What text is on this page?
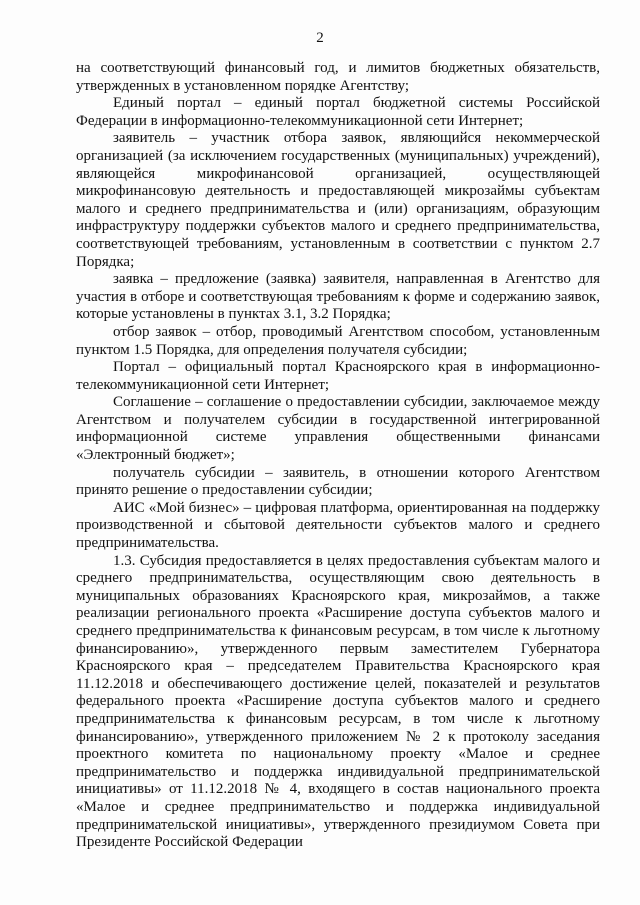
2

на соответствующий финансовый год, и лимитов бюджетных обязательств, утвержденных в установленном порядке Агентству;

Единый портал – единый портал бюджетной системы Российской Федерации в информационно-телекоммуникационной сети Интернет;

заявитель – участник отбора заявок, являющийся некоммерческой организацией (за исключением государственных (муниципальных) учреждений), являющейся микрофинансовой организацией, осуществляющей микрофинансовую деятельность и предоставляющей микрозаймы субъектам малого и среднего предпринимательства и (или) организациям, образующим инфраструктуру поддержки субъектов малого и среднего предпринимательства, соответствующей требованиям, установленным в соответствии с пунктом 2.7 Порядка;

заявка – предложение (заявка) заявителя, направленная в Агентство для участия в отборе и соответствующая требованиям к форме и содержанию заявок, которые установлены в пунктах 3.1, 3.2 Порядка;

отбор заявок – отбор, проводимый Агентством способом, установленным пунктом 1.5 Порядка, для определения получателя субсидии;

Портал – официальный портал Красноярского края в информационно-телекоммуникационной сети Интернет;

Соглашение – соглашение о предоставлении субсидии, заключаемое между Агентством и получателем субсидии в государственной интегрированной информационной системе управления общественными финансами «Электронный бюджет»;

получатель субсидии – заявитель, в отношении которого Агентством принято решение о предоставлении субсидии;

АИС «Мой бизнес» – цифровая платформа, ориентированная на поддержку производственной и сбытовой деятельности субъектов малого и среднего предпринимательства.

1.3. Субсидия предоставляется в целях предоставления субъектам малого и среднего предпринимательства, осуществляющим свою деятельность в муниципальных образованиях Красноярского края, микрозаймов, а также реализации регионального проекта «Расширение доступа субъектов малого и среднего предпринимательства к финансовым ресурсам, в том числе к льготному финансированию», утвержденного первым заместителем Губернатора Красноярского края – председателем Правительства Красноярского края 11.12.2018 и обеспечивающего достижение целей, показателей и результатов федерального проекта «Расширение доступа субъектов малого и среднего предпринимательства к финансовым ресурсам, в том числе к льготному финансированию», утвержденного приложением № 2 к протоколу заседания проектного комитета по национальному проекту «Малое и среднее предпринимательство и поддержка индивидуальной предпринимательской инициативы» от 11.12.2018 № 4, входящего в состав национального проекта «Малое и среднее предпринимательство и поддержка индивидуальной предпринимательской инициативы», утвержденного президиумом Совета при Президенте Российской Федерации
